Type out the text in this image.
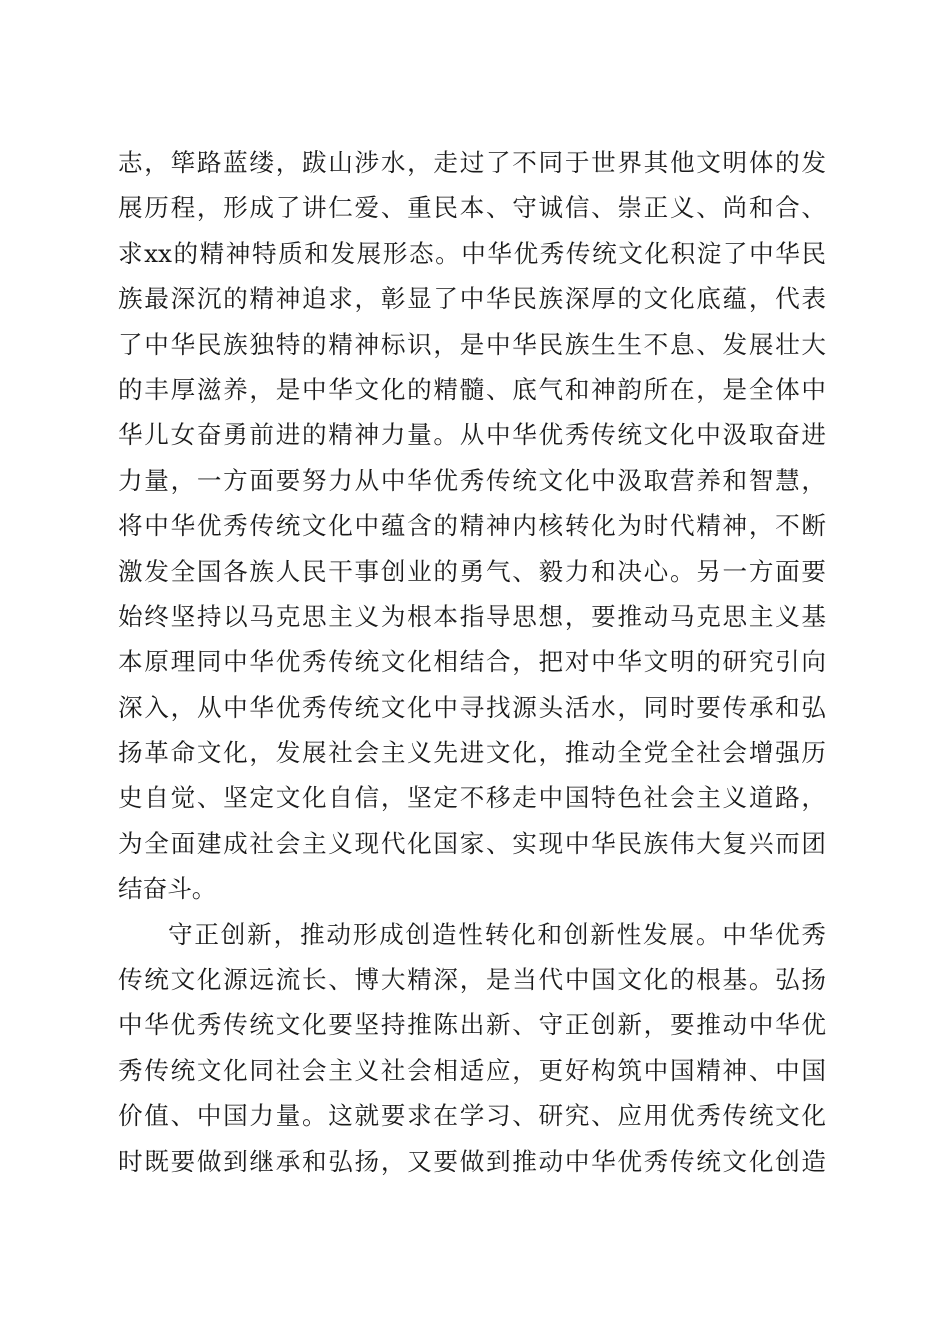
志，筚路蓝缕，跋山涉水，走过了不同于世界其他文明体的发
展历程，形成了讲仁爱、重民本、守诚信、崇正义、尚和合、
求xx的精神特质和发展形态。中华优秀传统文化积淀了中华民
族最深沉的精神追求，彰显了中华民族深厚的文化底蕴，代表
了中华民族独特的精神标识，是中华民族生生不息、发展壮大
的丰厚滋养，是中华文化的精髓、底气和神韵所在，是全体中
华儿女奋勇前进的精神力量。从中华优秀传统文化中汲取奋进
力量，一方面要努力从中华优秀传统文化中汲取营养和智慧，
将中华优秀传统文化中蕴含的精神内核转化为时代精神，不断
激发全国各族人民干事创业的勇气、毅力和决心。另一方面要
始终坚持以马克思主义为根本指导思想，要推动马克思主义基
本原理同中华优秀传统文化相结合，把对中华文明的研究引向
深入，从中华优秀传统文化中寻找源头活水，同时要传承和弘
扬革命文化，发展社会主义先进文化，推动全党全社会增强历
史自觉、坚定文化自信，坚定不移走中国特色社会主义道路，
为全面建成社会主义现代化国家、实现中华民族伟大复兴而团
结奋斗。
守正创新，推动形成创造性转化和创新性发展。中华优秀
传统文化源远流长、博大精深，是当代中国文化的根基。弘扬
中华优秀传统文化要坚持推陈出新、守正创新，要推动中华优
秀传统文化同社会主义社会相适应，更好构筑中国精神、中国
价值、中国力量。这就要求在学习、研究、应用优秀传统文化
时既要做到继承和弘扬，又要做到推动中华优秀传统文化创造
